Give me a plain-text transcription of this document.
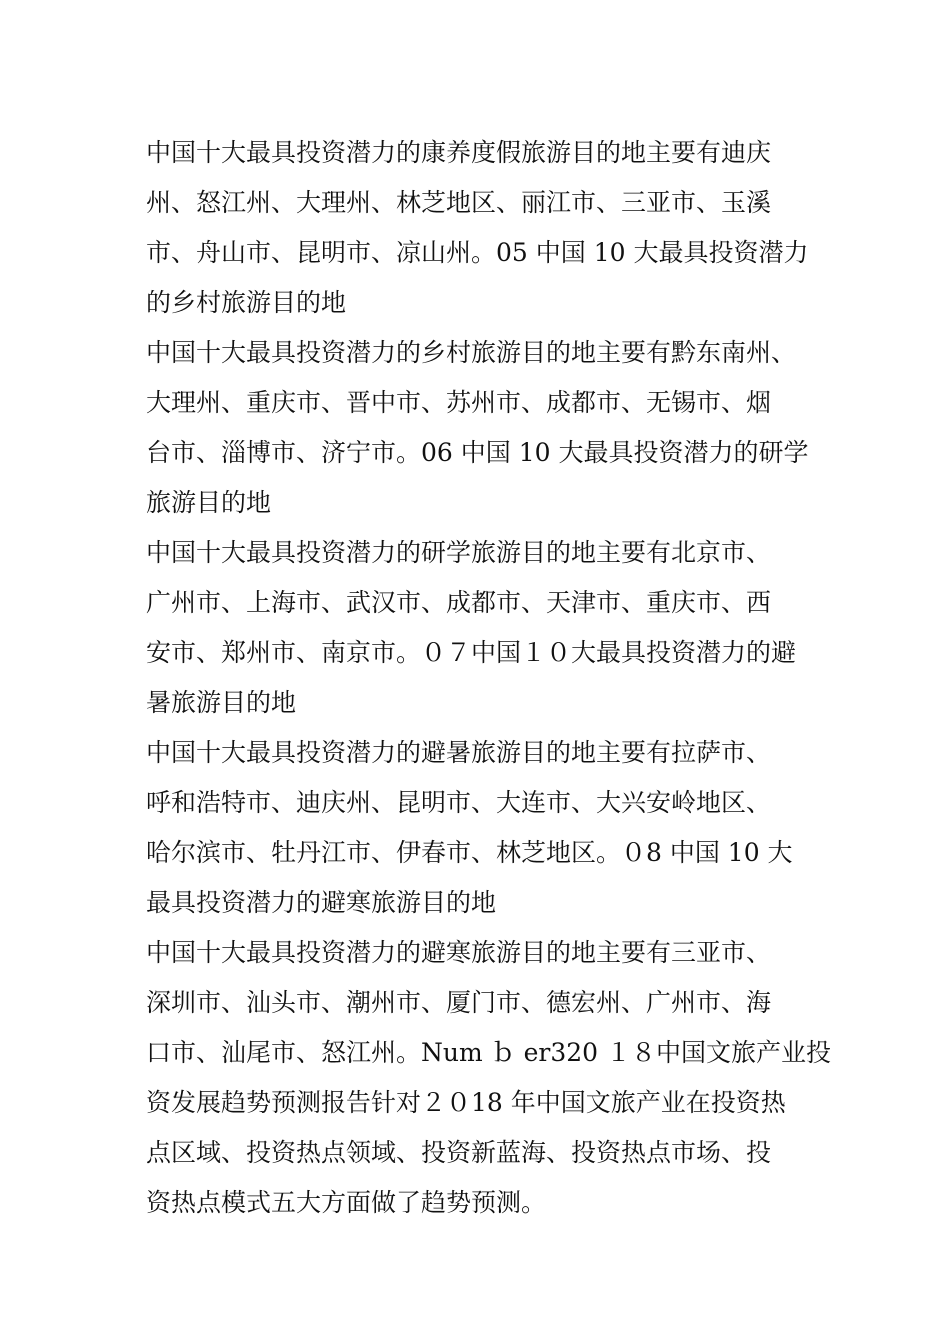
中国十大最具投资潜力的康养度假旅游目的地主要有迪庆
州、怒江州、大理州、林芝地区、丽江市、三亚市、玉溪
市、舟山市、昆明市、凉山州。05 中国 10 大最具投资潜力
的乡村旅游目的地
中国十大最具投资潜力的乡村旅游目的地主要有黔东南州、
大理州、重庆市、晋中市、苏州市、成都市、无锡市、烟
台市、淄博市、济宁市。06 中国 10 大最具投资潜力的研学
旅游目的地
中国十大最具投资潜力的研学旅游目的地主要有北京市、
广州市、上海市、武汉市、成都市、天津市、重庆市、西
安市、郑州市、南京市。０７中国１０大最具投资潜力的避
暑旅游目的地
中国十大最具投资潜力的避暑旅游目的地主要有拉萨市、
呼和浩特市、迪庆州、昆明市、大连市、大兴安岭地区、
哈尔滨市、牡丹江市、伊春市、林芝地区。０8 中国 10 大
最具投资潜力的避寒旅游目的地
中国十大最具投资潜力的避寒旅游目的地主要有三亚市、
深圳市、汕头市、潮州市、厦门市、德宏州、广州市、海
口市、汕尾市、怒江州。Num ｂ er320 １８中国文旅产业投
资发展趋势预测报告针对２０18 年中国文旅产业在投资热
点区域、投资热点领域、投资新蓝海、投资热点市场、投
资热点模式五大方面做了趋势预测。
